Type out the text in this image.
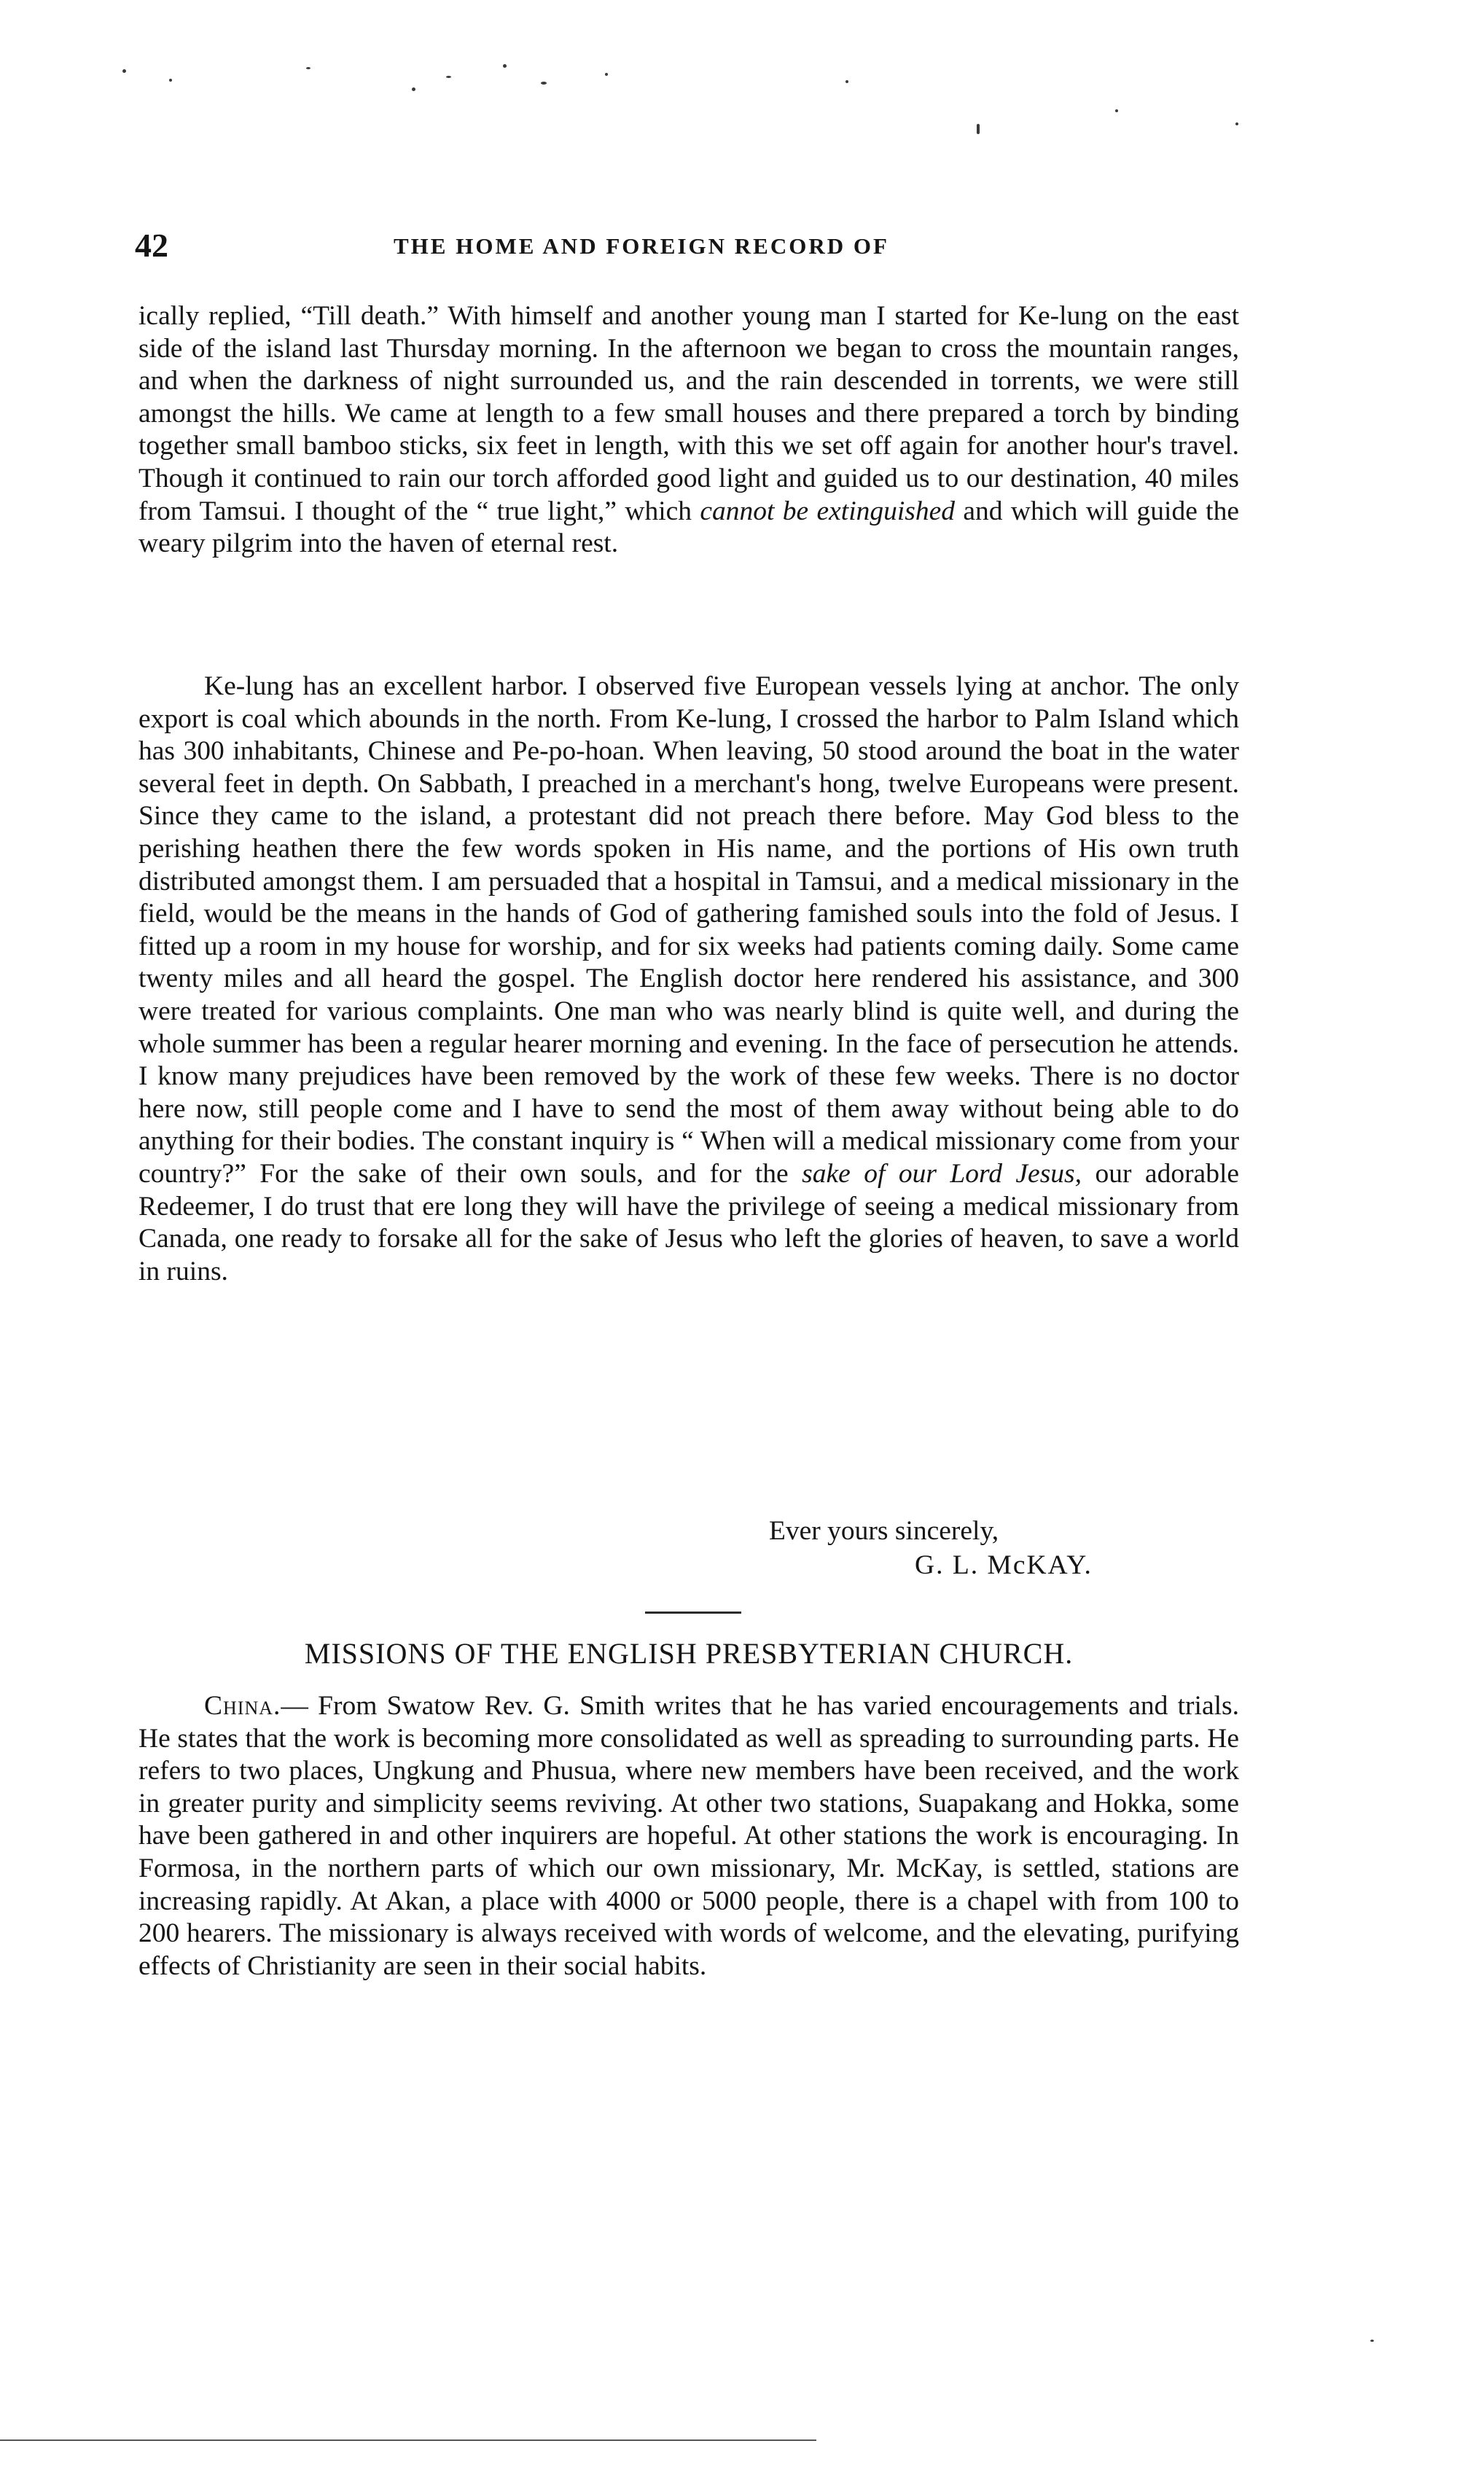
42	THE HOME AND FOREIGN RECORD OF

ically replied, “Till death.” With himself and another young man I started for Ke-lung on the east side of the island last Thursday morning. In the afternoon we began to cross the mountain ranges, and when the darkness of night surrounded us, and the rain descended in torrents, we were still amongst the hills. We came at length to a few small houses and there prepared a torch by binding together small bamboo sticks, six feet in length, with this we set off again for another hour's travel. Though it continued to rain our torch afforded good light and guided us to our destination, 40 miles from Tamsui. I thought of the “ true light,” which cannot be extinguished and which will guide the weary pilgrim into the haven of eternal rest.

Ke-lung has an excellent harbor. I observed five European vessels lying at anchor. The only export is coal which abounds in the north. From Ke-lung, I crossed the harbor to Palm Island which has 300 inhabitants, Chinese and Pe-po-hoan. When leaving, 50 stood around the boat in the water several feet in depth. On Sabbath, I preached in a merchant's hong, twelve Europeans were present. Since they came to the island, a protestant did not preach there before. May God bless to the perishing heathen there the few words spoken in His name, and the portions of His own truth distributed amongst them. I am persuaded that a hospital in Tamsui, and a medical missionary in the field, would be the means in the hands of God of gathering famished souls into the fold of Jesus. I fitted up a room in my house for worship, and for six weeks had patients coming daily. Some came twenty miles and all heard the gospel. The English doctor here rendered his assistance, and 300 were treated for various complaints. One man who was nearly blind is quite well, and during the whole summer has been a regular hearer morning and evening. In the face of persecution he attends. I know many prejudices have been removed by the work of these few weeks. There is no doctor here now, still people come and I have to send the most of them away without being able to do anything for their bodies. The constant inquiry is “ When will a medical missionary come from your country?” For the sake of their own souls, and for the sake of our Lord Jesus, our adorable Redeemer, I do trust that ere long they will have the privilege of seeing a medical missionary from Canada, one ready to forsake all for the sake of Jesus who left the glories of heaven, to save a world in ruins.

Ever yours sincerely,
G. L. McKAY.
MISSIONS OF THE ENGLISH PRESBYTERIAN CHURCH.

China.— From Swatow Rev. G. Smith writes that he has varied encouragements and trials. He states that the work is becoming more consolidated as well as spreading to surrounding parts. He refers to two places, Ungkung and Phusua, where new members have been received, and the work in greater purity and simplicity seems reviving. At other two stations, Suapakang and Hokka, some have been gathered in and other inquirers are hopeful. At other stations the work is encouraging. In Formosa, in the northern parts of which our own missionary, Mr. McKay, is settled, stations are increasing rapidly. At Akan, a place with 4000 or 5000 people, there is a chapel with from 100 to 200 hearers. The missionary is always received with words of welcome, and the elevating, purifying effects of Christianity are seen in their social habits.
